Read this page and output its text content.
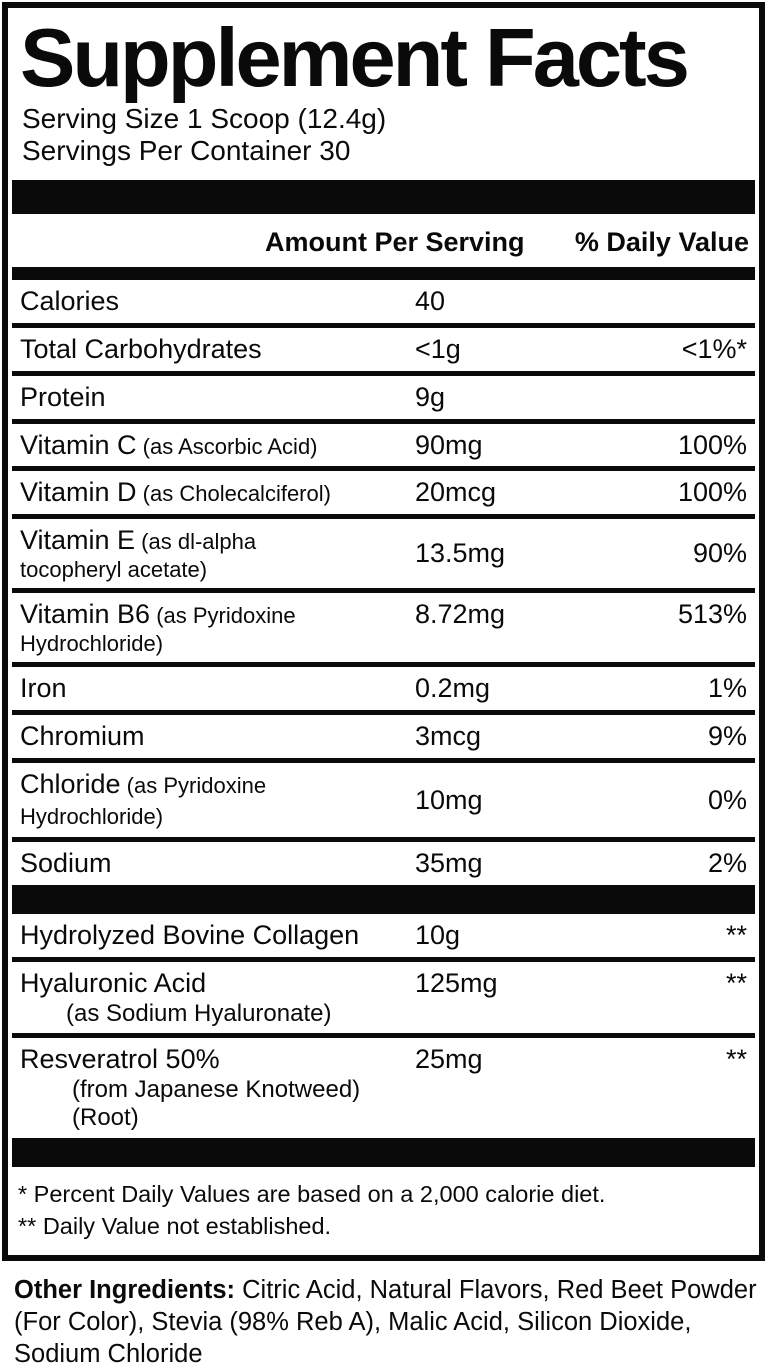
Supplement Facts
Serving Size 1 Scoop (12.4g)
Servings Per Container 30
Amount Per Serving % Daily Value
Calories	40
Total Carbohydrates	<1g	<1%*
Protein	9g
Vitamin C (as Ascorbic Acid)	90mg	100%
Vitamin D (as Cholecalciferol)	20mcg	100%
Vitamin E (as dl-alpha
tocopheryl acetate)
13.5mg	90%
Vitamin B6 (as Pyridoxine
Hydrochloride)
8.72mg	513%
Iron	0.2mg	1%
Chromium	3mcg	9%
Chloride (as Pyridoxine Hydrochloride)
10mg	0%
Sodium	35mg	2%
Hydrolyzed Bovine Collagen	10g	**
Hyaluronic Acid
(as Sodium Hyaluronate)
125mg	**
Resveratrol 50%
(from Japanese Knotweed) (Root)
25mg	**
* Percent Daily Values are based on a 2,000 calorie diet.
** Daily Value not established.

Other Ingredients: Citric Acid, Natural Flavors, Red Beet Powder (For Color), Stevia (98% Reb A), Malic Acid, Silicon Dioxide, Sodium Chloride
